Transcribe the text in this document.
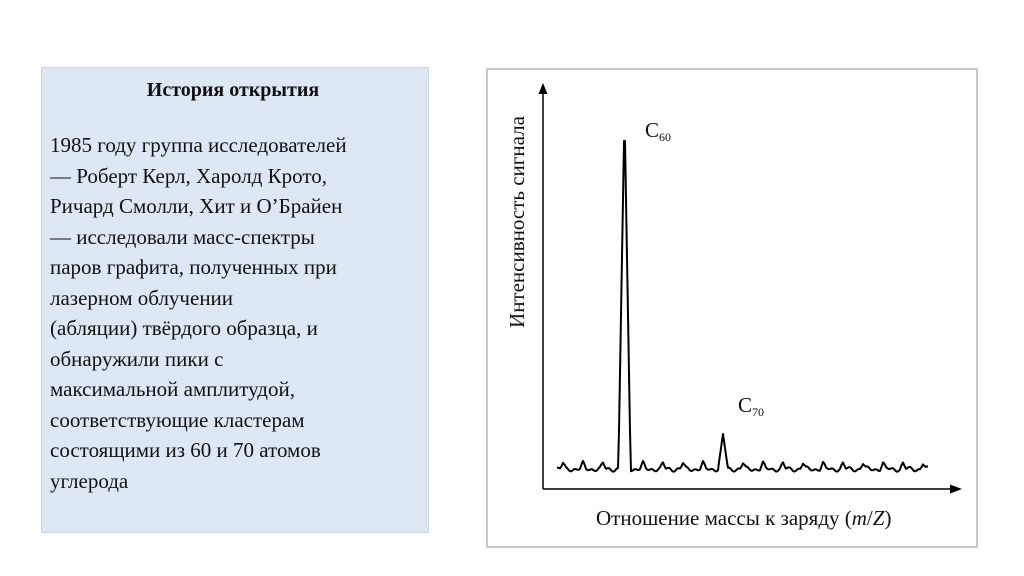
История открытия

1985 году группа исследователей
— Роберт Керл, Харолд Крото,
Ричард Смолли, Хит и О’Брайен
— исследовали масс-спектры
паров графита, полученных при
лазерном облучении
(абляции) твёрдого образца, и
обнаружили пики с
максимальной амплитудой,
соответствующие кластерам
состоящими из 60 и 70 атомов
углерода

Интенсивность сигнала
Отношение массы к заряду (m/Z)
$C_{60}$
$C_{70}$
